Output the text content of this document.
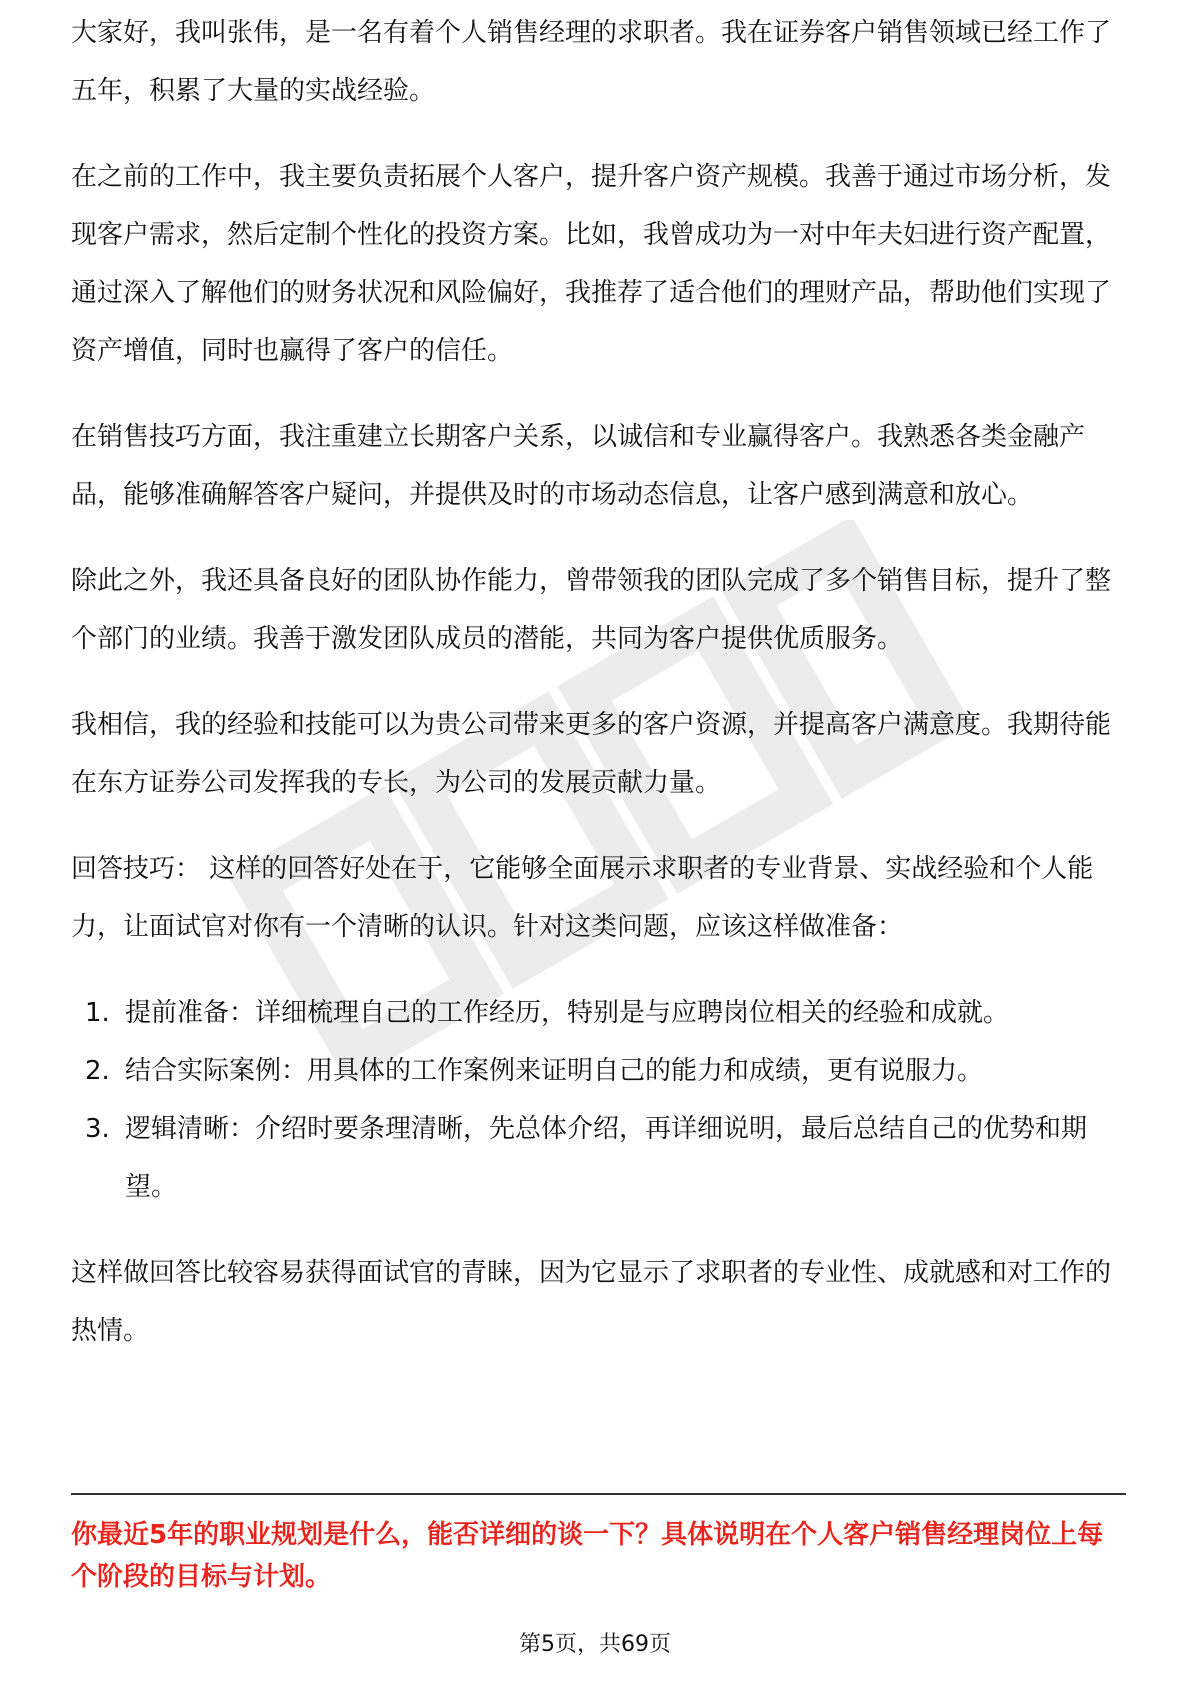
大家好，我叫张伟，是一名有着个人销售经理的求职者。我在证券客户销售领域已经工作了五年，积累了大量的实战经验。

在之前的工作中，我主要负责拓展个人客户，提升客户资产规模。我善于通过市场分析，发现客户需求，然后定制个性化的投资方案。比如，我曾成功为一对中年夫妇进行资产配置，通过深入了解他们的财务状况和风险偏好，我推荐了适合他们的理财产品，帮助他们实现了资产增值，同时也赢得了客户的信任。

在销售技巧方面，我注重建立长期客户关系，以诚信和专业赢得客户。我熟悉各类金融产品，能够准确解答客户疑问，并提供及时的市场动态信息，让客户感到满意和放心。

除此之外，我还具备良好的团队协作能力，曾带领我的团队完成了多个销售目标，提升了整个部门的业绩。我善于激发团队成员的潜能，共同为客户提供优质服务。

我相信，我的经验和技能可以为贵公司带来更多的客户资源，并提高客户满意度。我期待能在东方证券公司发挥我的专长，为公司的发展贡献力量。

回答技巧： 这样的回答好处在于，它能够全面展示求职者的专业背景、实战经验和个人能力，让面试官对你有一个清晰的认识。针对这类问题，应该这样做准备：

1. 提前准备：详细梳理自己的工作经历，特别是与应聘岗位相关的经验和成就。
2. 结合实际案例：用具体的工作案例来证明自己的能力和成绩，更有说服力。
3. 逻辑清晰：介绍时要条理清晰，先总体介绍，再详细说明，最后总结自己的优势和期望。

这样做回答比较容易获得面试官的青睐，因为它显示了求职者的专业性、成就感和对工作的热情。

你最近5年的职业规划是什么，能否详细的谈一下？具体说明在个人客户销售经理岗位上每个阶段的目标与计划。
第5页，共69页
